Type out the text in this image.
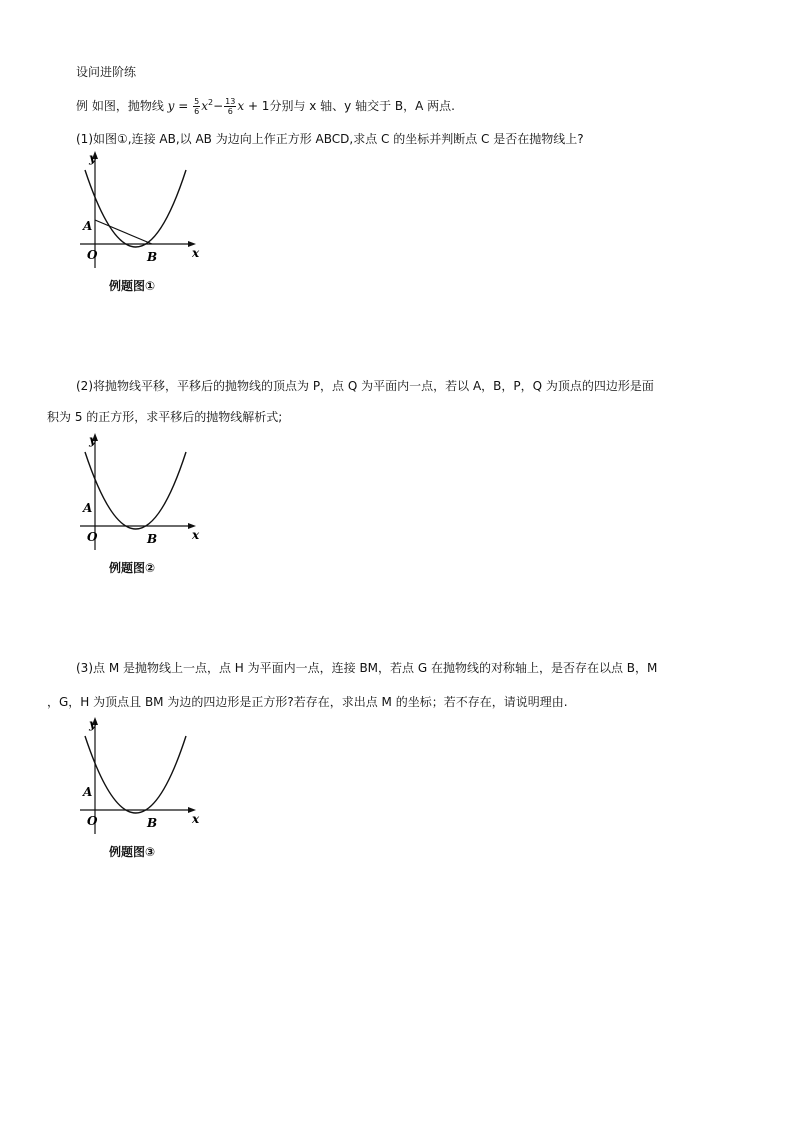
设问进阶练
例 如图，抛物线 $y = \frac{5}{6} x^2- \frac{13}{6}$ x + 1分别与 x 轴、y 轴交于 B，A 两点.
(1)如图①,连接 AB,以 AB 为边向上作正方形 ABCD,求点 C 的坐标并判断点 C 是否在抛物线上?
y
x
A
O	B
例题图①
(2)将抛物线平移，平移后的抛物线的顶点为 P，点 Q 为平面内一点，若以 A，B，P，Q 为顶点的四边形是面
积为 5 的正方形，求平移后的抛物线解析式;
y
x
A
O	B
例题图②
(3)点 M 是抛物线上一点，点 H 为平面内一点，连接 BM，若点 G 在抛物线的对称轴上，是否存在以点 B，M
，G，H 为顶点且 BM 为边的四边形是正方形?若存在，求出点 M 的坐标；若不存在，请说明理由.
y
x
A
O	B
例题图③
